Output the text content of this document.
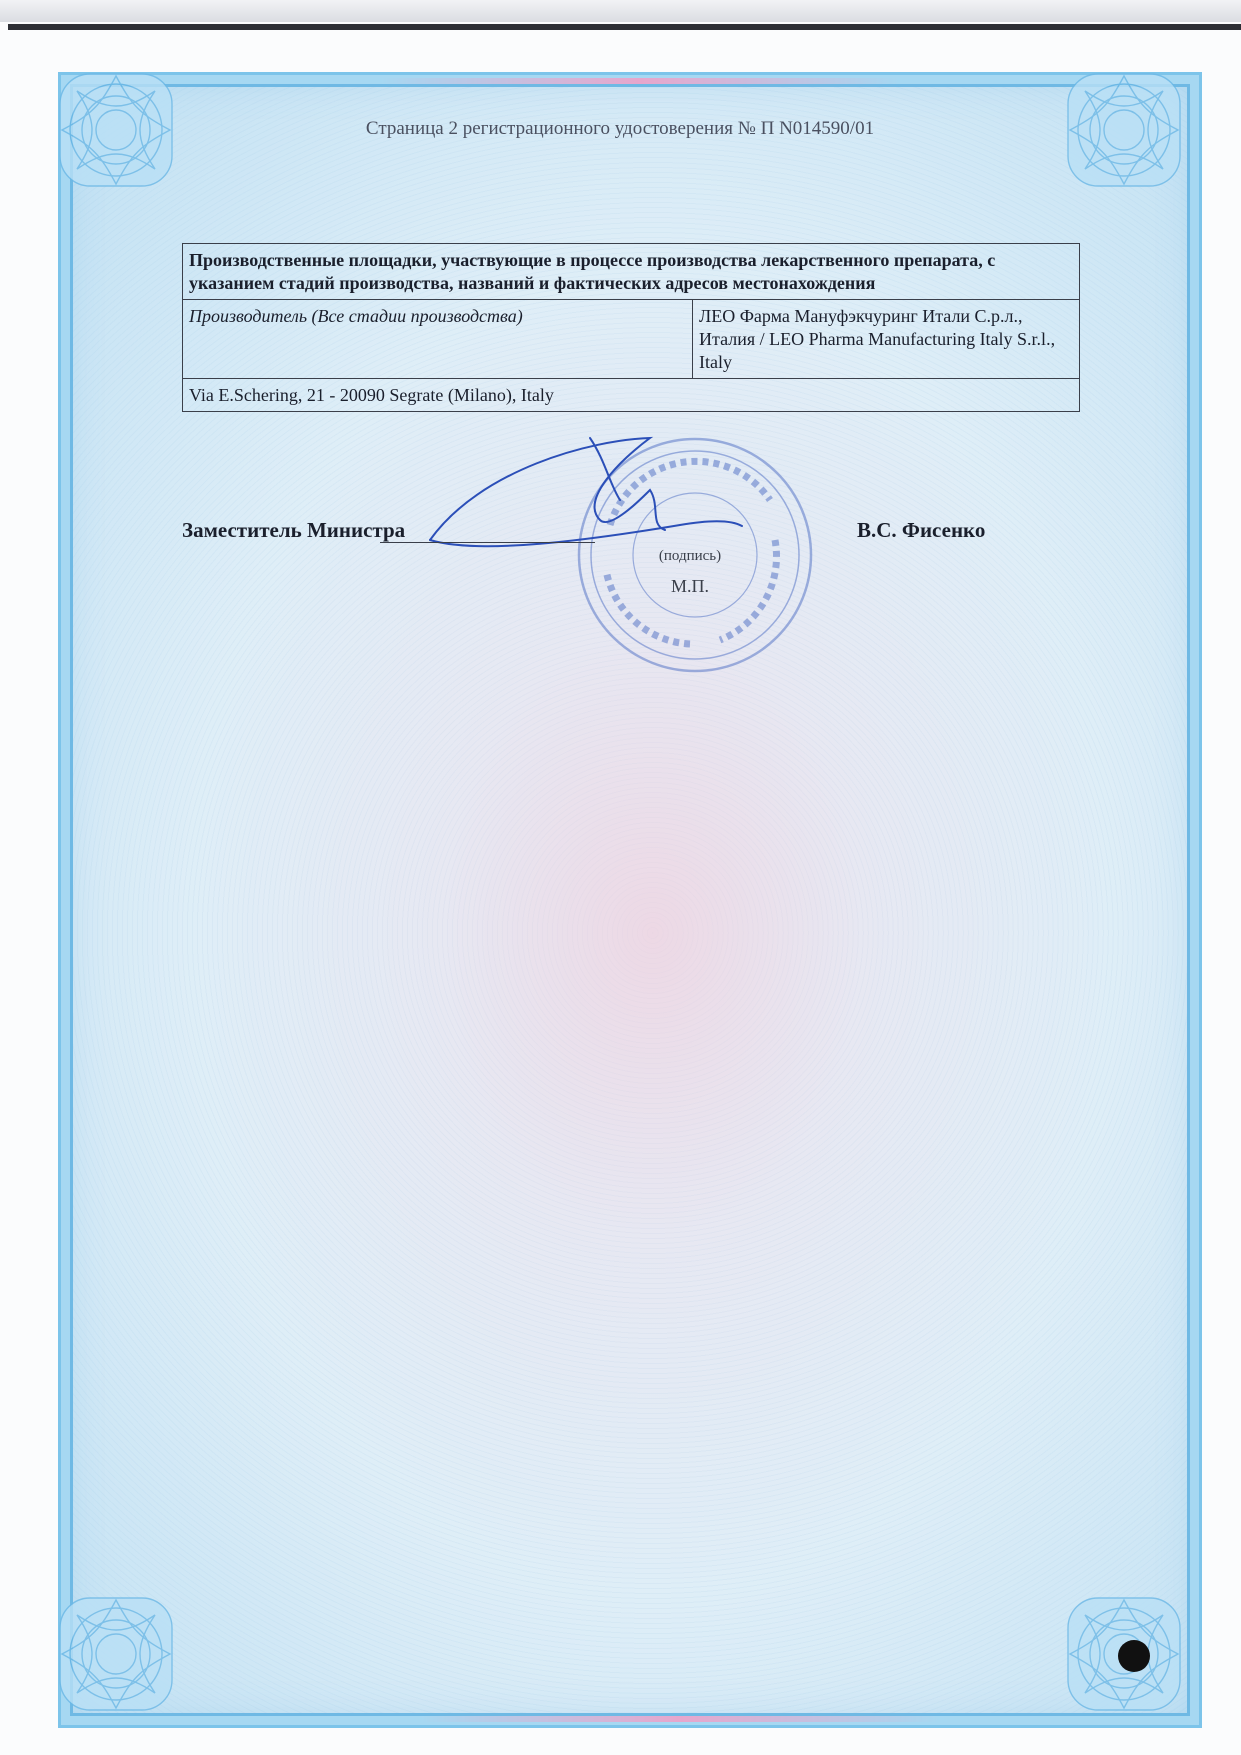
Страница 2 регистрационного удостоверения № П N014590/01
Производственные площадки, участвующие в процессе производства лекарственного препарата, с указанием стадий производства, названий и фактических адресов местонахождения
Производитель (Все стадии производства)	ЛЕО Фарма Мануфэкчуринг Итали С.р.л., Италия / LEO Pharma Manufacturing Italy S.r.l., Italy
Via E.Schering, 21 - 20090 Segrate (Milano), Italy
Заместитель Министра	В.С. Фисенко
(подпись)
М.П.
